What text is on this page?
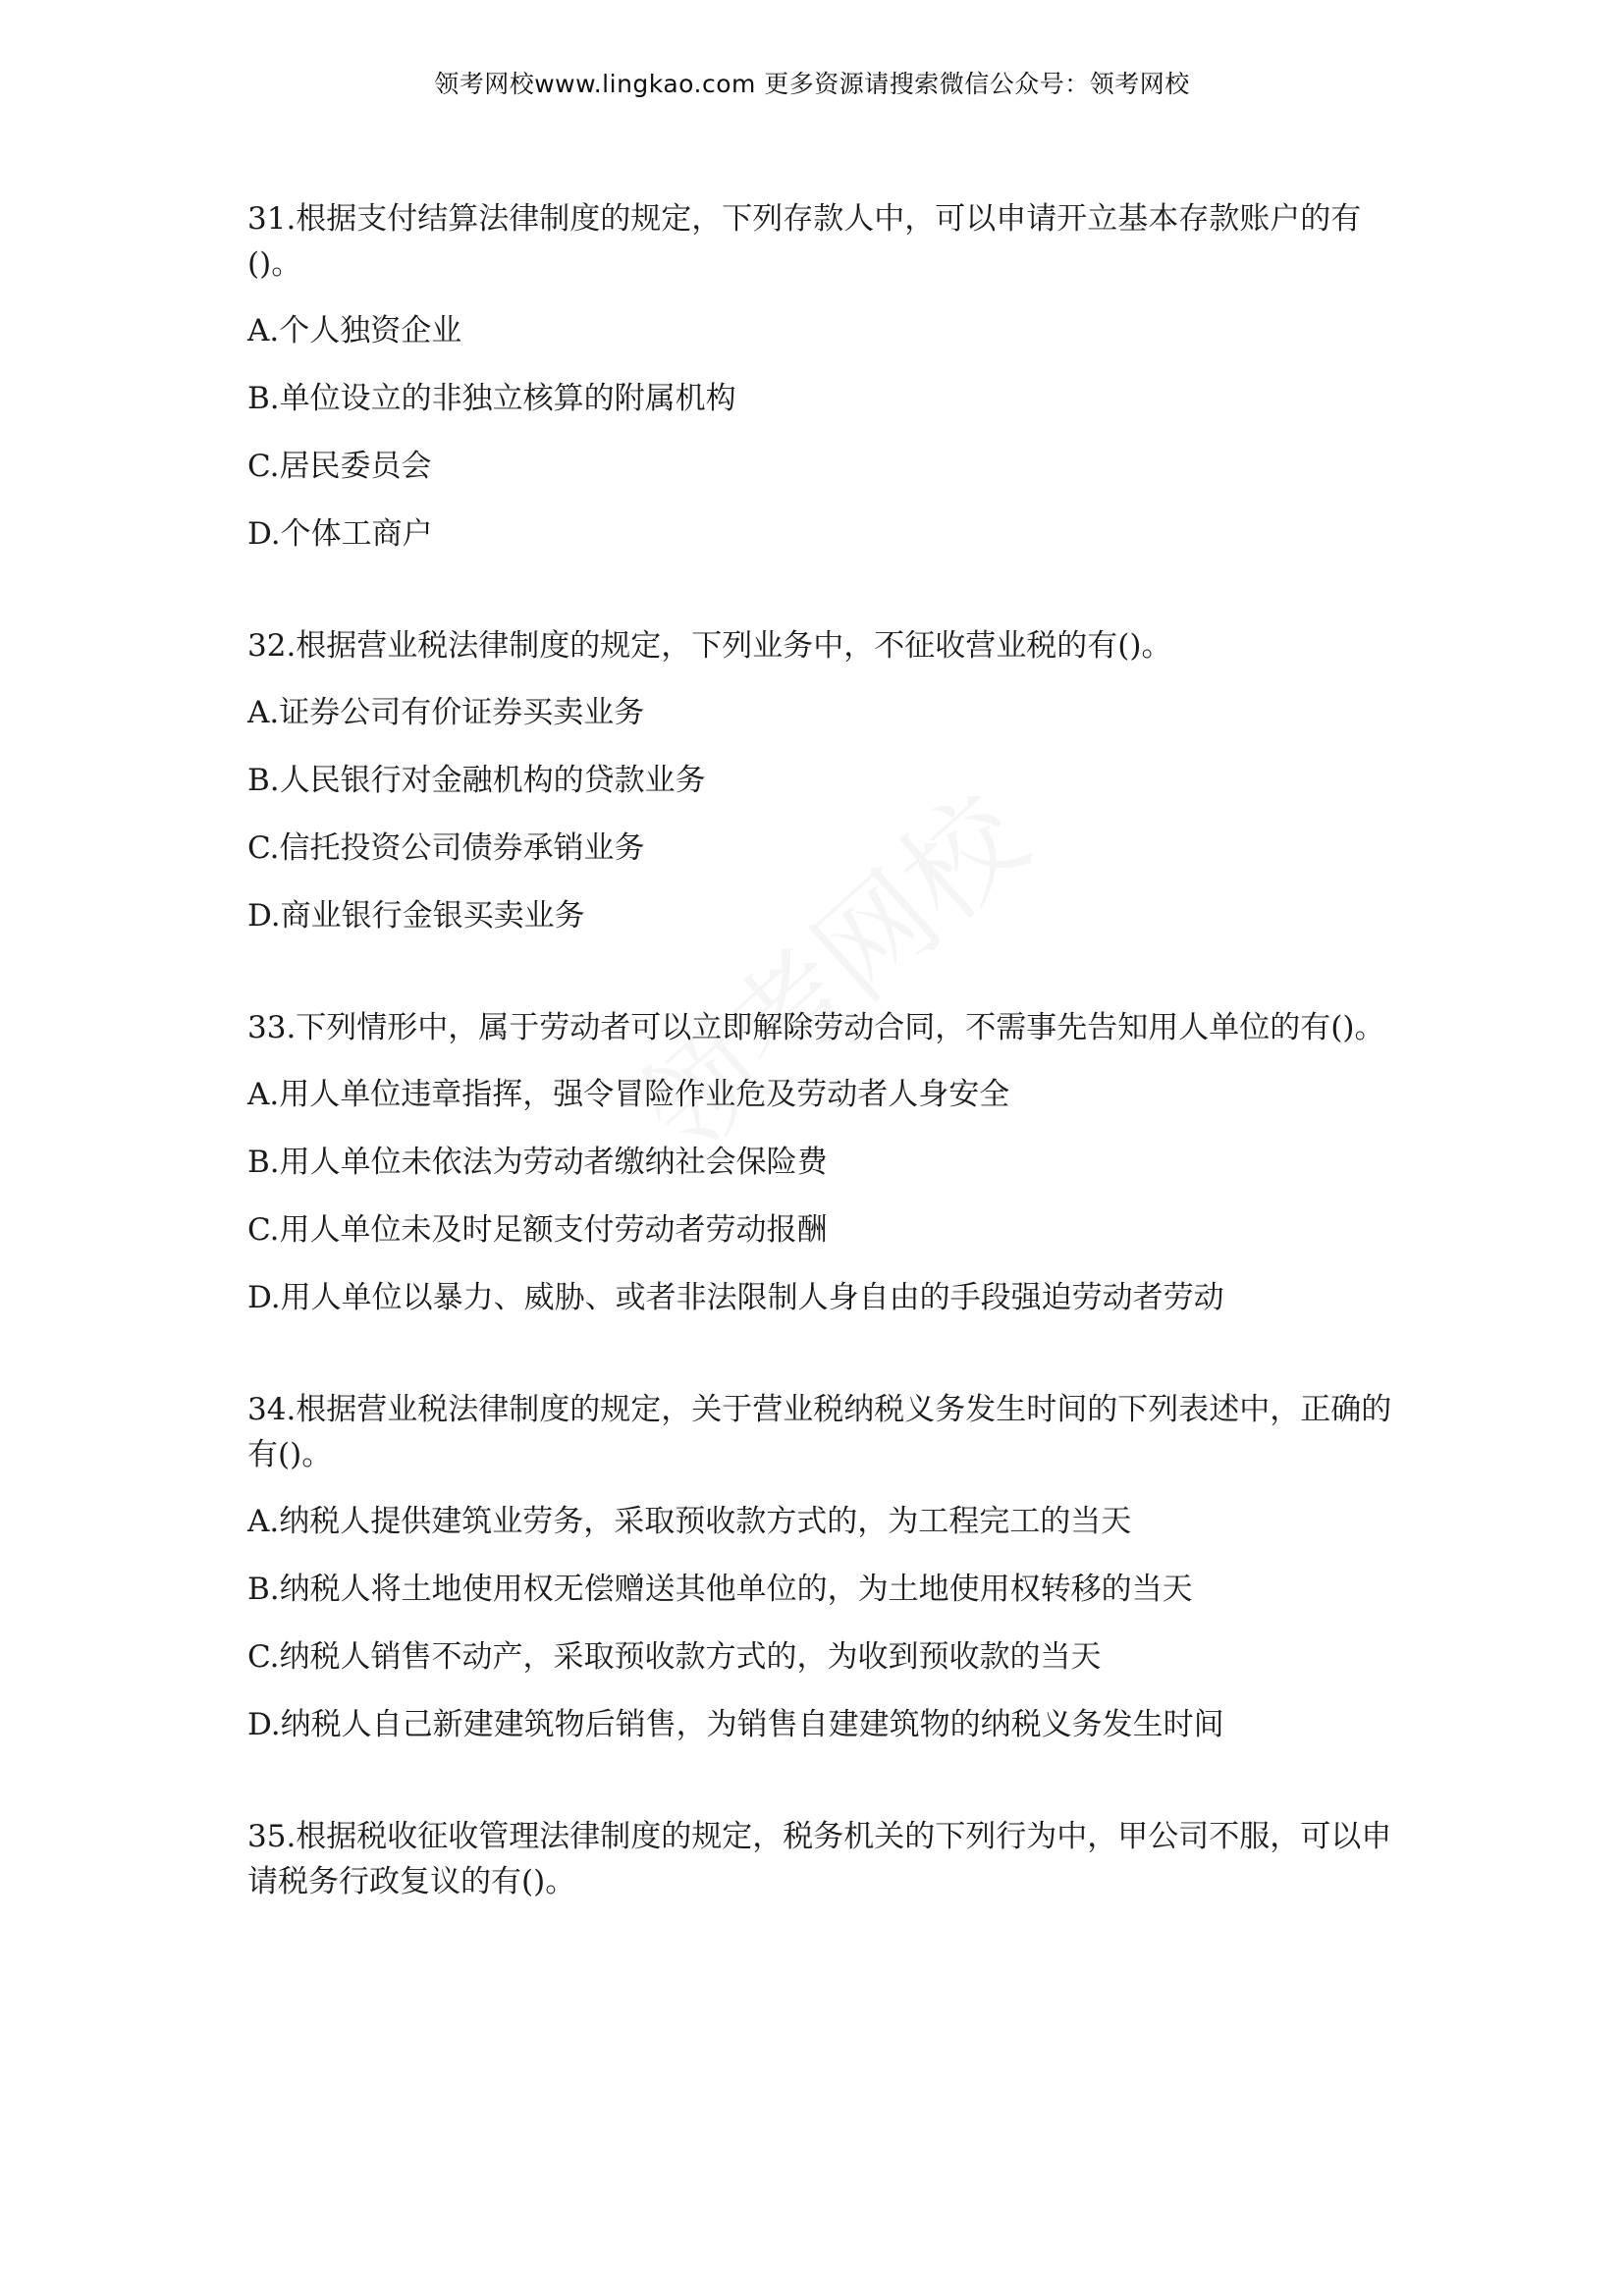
领考网校www.lingkao.com 更多资源请搜索微信公众号：领考网校

31.根据支付结算法律制度的规定，下列存款人中，可以申请开立基本存款账户的有()。

A.个人独资企业

B.单位设立的非独立核算的附属机构

C.居民委员会

D.个体工商户

32.根据营业税法律制度的规定，下列业务中，不征收营业税的有()。

A.证券公司有价证券买卖业务

B.人民银行对金融机构的贷款业务

C.信托投资公司债券承销业务

D.商业银行金银买卖业务

33.下列情形中，属于劳动者可以立即解除劳动合同，不需事先告知用人单位的有()。

A.用人单位违章指挥，强令冒险作业危及劳动者人身安全

B.用人单位未依法为劳动者缴纳社会保险费

C.用人单位未及时足额支付劳动者劳动报酬

D.用人单位以暴力、威胁、或者非法限制人身自由的手段强迫劳动者劳动

34.根据营业税法律制度的规定，关于营业税纳税义务发生时间的下列表述中，正确的有()。

A.纳税人提供建筑业劳务，采取预收款方式的，为工程完工的当天

B.纳税人将土地使用权无偿赠送其他单位的，为土地使用权转移的当天

C.纳税人销售不动产，采取预收款方式的，为收到预收款的当天

D.纳税人自己新建建筑物后销售，为销售自建建筑物的纳税义务发生时间

35.根据税收征收管理法律制度的规定，税务机关的下列行为中，甲公司不服，可以申请税务行政复议的有()。
